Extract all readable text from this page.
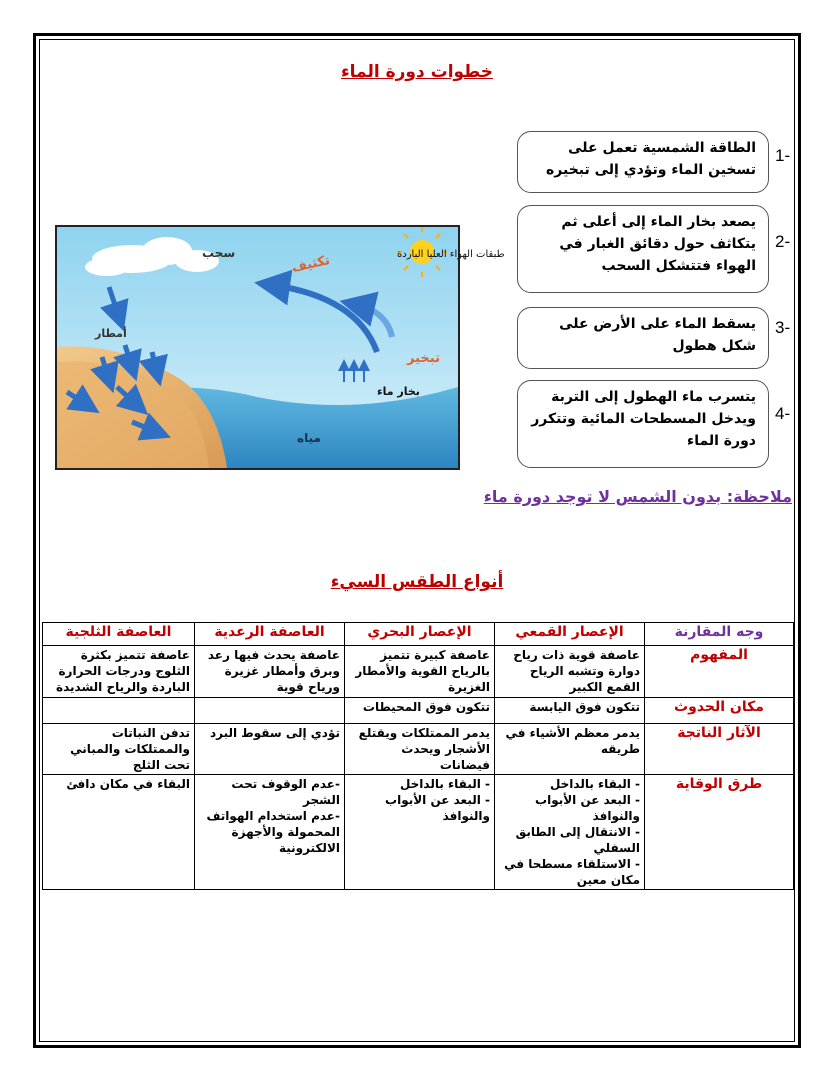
خطوات دورة الماء
1-
الطاقة الشمسية تعمل على تسخين الماء وتؤدي إلى تبخيره
2-
يصعد بخار الماء إلى أعلى ثم يتكاثف حول دقائق الغبار في الهواء فتتشكل السحب
3-
يسقط الماء على الأرض على شكل هطول
4-
يتسرب ماء الهطول إلى التربة ويدخل المسطحات المائية وتتكرر دورة الماء
سحب	طبقات الهواء العليا الباردة
تكثيف
أمطار
تبخير
بخار ماء
مياه
ملاحظة: بدون الشمس لا توجد دورة ماء
أنواع الطقس السيء
وجه المقارنة	الإعصار القمعي	الإعصار البحري	العاصفة الرعدية	العاصفة الثلجية
المفهوم	عاصفة قوية ذات رياح دوارة وتشبه الرياح القمع الكبير	عاصفة كبيرة تتميز بالرياح القوية والأمطار الغزيرة	عاصفة يحدث فيها رعد وبرق وأمطار غزيرة ورياح قوية	عاصفة تتميز بكثرة الثلوج ودرجات الحرارة الباردة والرياح الشديدة
مكان الحدوث	تتكون فوق اليابسة	تتكون فوق المحيطات		
الآثار الناتجة	يدمر معظم الأشياء في طريقه	يدمر الممتلكات ويقتلع الأشجار ويحدث فيضانات	تؤدي إلى سقوط البرد	تدفن النباتات والممتلكات والمباني تحت الثلج
طرق الوقاية	- البقاء بالداخل
- البعد عن الأبواب والنوافذ
- الانتقال إلى الطابق السفلي
- الاستلقاء مسطحا في مكان معين	- البقاء بالداخل
- البعد عن الأبواب والنوافذ	-عدم الوقوف تحت الشجر
-عدم استخدام الهواتف المحمولة والأجهزة الالكترونية	البقاء في مكان دافئ
